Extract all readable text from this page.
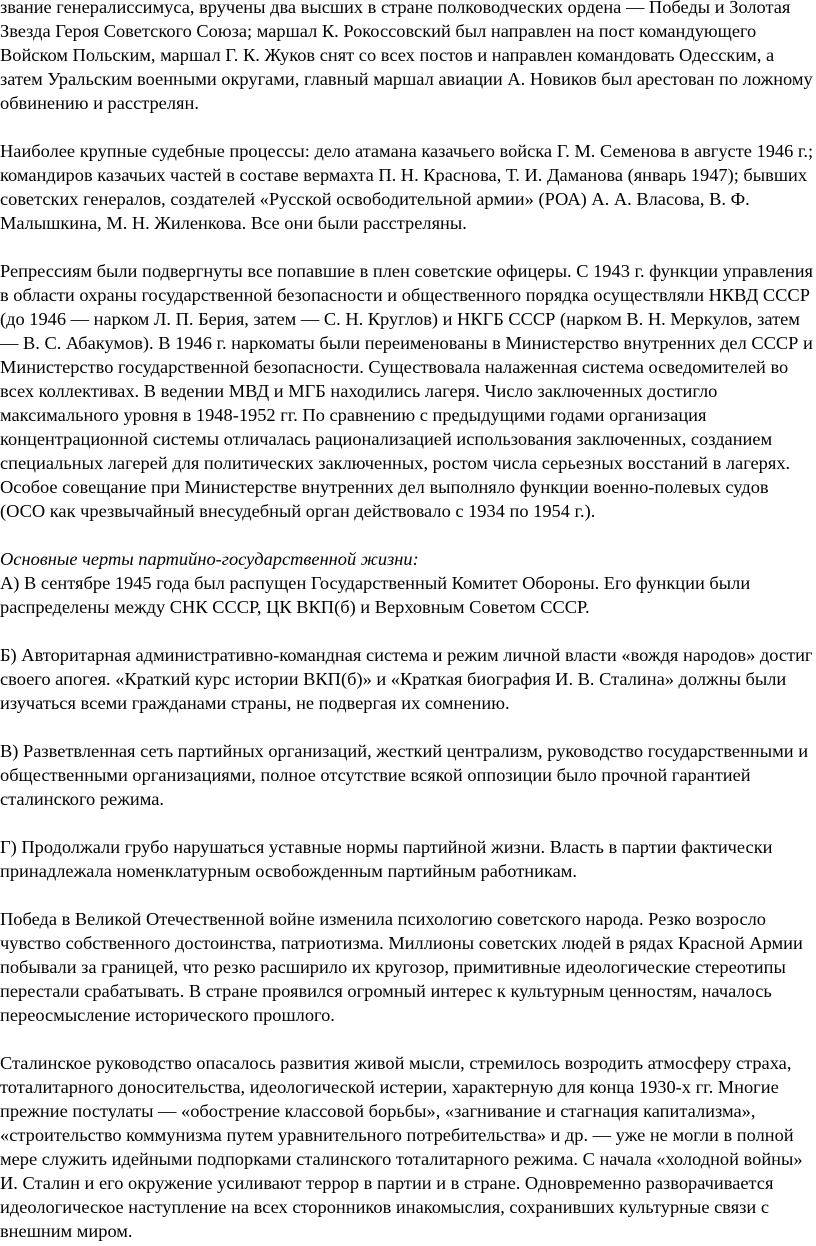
звание генералиссимуса, вручены два высших в стране полководческих ордена — Победы и Золотая Звезда Героя Советского Союза; маршал К. Рокоссовский был направлен на пост командующего Войском Польским, маршал Г. К. Жуков снят со всех постов и направлен командовать Одесским, а затем Уральским военными округами, главный маршал авиации А. Новиков был арестован по ложному обвинению и расстрелян.

Наиболее крупные судебные процессы: дело атамана казачьего войска Г. М. Семенова в августе 1946 г.; командиров казачьих частей в составе вермахта П. Н. Краснова, Т. И. Даманова (январь 1947); бывших советских генералов, создателей «Русской освободительной армии» (РОА) А. А. Власова, В. Ф. Малышкина, М. Н. Жиленкова. Все они были расстреляны.

Репрессиям были подвергнуты все попавшие в плен советские офицеры. С 1943 г. функции управления в области охраны государственной безопасности и общественного порядка осуществляли НКВД СССР (до 1946 — нарком Л. П. Берия, затем — С. Н. Круглов) и НКГБ СССР (нарком В. Н. Меркулов, затем — В. С. Абакумов). В 1946 г. наркоматы были переименованы в Министерство внутренних дел СССР и Министерство государственной безопасности. Существовала налаженная система осведомителей во всех коллективах. В ведении МВД и МГБ находились лагеря. Число заключенных достигло максимального уровня в 1948-1952 гг. По сравнению с предыдущими годами организация концентрационной системы отличалась рационализацией использования заключенных, созданием специальных лагерей для политических заключенных, ростом числа серьезных восстаний в лагерях. Особое совещание при Министерстве внутренних дел выполняло функции военно-полевых судов (ОСО как чрезвычайный внесудебный орган действовало с 1934 по 1954 г.).

Основные черты партийно-государственной жизни:

А) В сентябре 1945 года был распущен Государственный Комитет Обороны. Его функции были распределены между СНК СССР, ЦК ВКП(б) и Верховным Советом СССР.

Б) Авторитарная административно-командная система и режим личной власти «вождя народов» достиг своего апогея. «Краткий курс истории ВКП(б)» и «Краткая биография И. В. Сталина» должны были изучаться всеми гражданами страны, не подвергая их сомнению.

В) Разветвленная сеть партийных организаций, жесткий централизм, руководство государственными и общественными организациями, полное отсутствие всякой оппозиции было прочной гарантией сталинского режима.

Г) Продолжали грубо нарушаться уставные нормы партийной жизни. Власть в партии фактически принадлежала номенклатурным освобожденным партийным работникам.

Победа в Великой Отечественной войне изменила психологию советского народа. Резко возросло чувство собственного достоинства, патриотизма. Миллионы советских людей в рядах Красной Армии побывали за границей, что резко расширило их кругозор, примитивные идеологические стереотипы перестали срабатывать. В стране проявился огромный интерес к культурным ценностям, началось переосмысление исторического прошлого.

Сталинское руководство опасалось развития живой мысли, стремилось возродить атмосферу страха, тоталитарного доносительства, идеологической истерии, характерную для конца 1930-х гг. Многие прежние постулаты — «обострение классовой борьбы», «загнивание и стагнация капитализма», «строительство коммунизма путем уравнительного потребительства» и др. — уже не могли в полной мере служить идейными подпорками сталинского тоталитарного режима. С начала «холодной войны» И. Сталин и его окружение усиливают террор в партии и в стране. Одновременно разворачивается идеологическое наступление на всех сторонников инакомыслия, сохранивших культурные связи с внешним миром.
